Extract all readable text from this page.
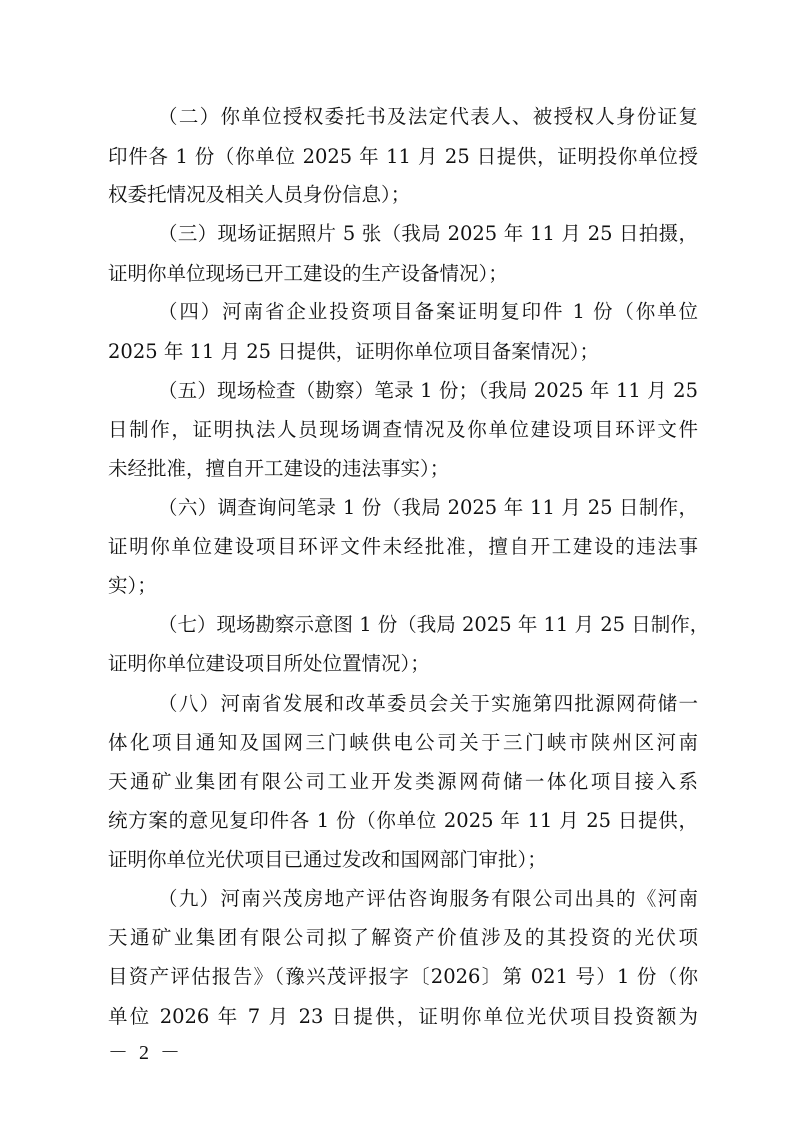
（二）你单位授权委托书及法定代表人、被授权人身份证复
印件各 1 份（你单位 2025 年 11 月 25 日提供，证明投你单位授
权委托情况及相关人员身份信息）；
（三）现场证据照片 5 张（我局 2025 年 11 月 25 日拍摄，
证明你单位现场已开工建设的生产设备情况）；
（四）河南省企业投资项目备案证明复印件 1 份（你单位
2025 年 11 月 25 日提供，证明你单位项目备案情况）；
（五）现场检查（勘察）笔录 1 份；（我局 2025 年 11 月 25
日制作，证明执法人员现场调查情况及你单位建设项目环评文件
未经批准，擅自开工建设的违法事实）；
（六）调查询问笔录 1 份（我局 2025 年 11 月 25 日制作，
证明你单位建设项目环评文件未经批准，擅自开工建设的违法事
实）；
（七）现场勘察示意图 1 份（我局 2025 年 11 月 25 日制作，
证明你单位建设项目所处位置情况）；
（八）河南省发展和改革委员会关于实施第四批源网荷储一
体化项目通知及国网三门峡供电公司关于三门峡市陕州区河南
天通矿业集团有限公司工业开发类源网荷储一体化项目接入系
统方案的意见复印件各 1 份（你单位 2025 年 11 月 25 日提供，
证明你单位光伏项目已通过发改和国网部门审批）；
（九）河南兴茂房地产评估咨询服务有限公司出具的《河南
天通矿业集团有限公司拟了解资产价值涉及的其投资的光伏项
目资产评估报告》（豫兴茂评报字〔2026〕第 021 号）1 份（你
单位 2026 年 7 月 23 日提供，证明你单位光伏项目投资额为
－ 2 －
